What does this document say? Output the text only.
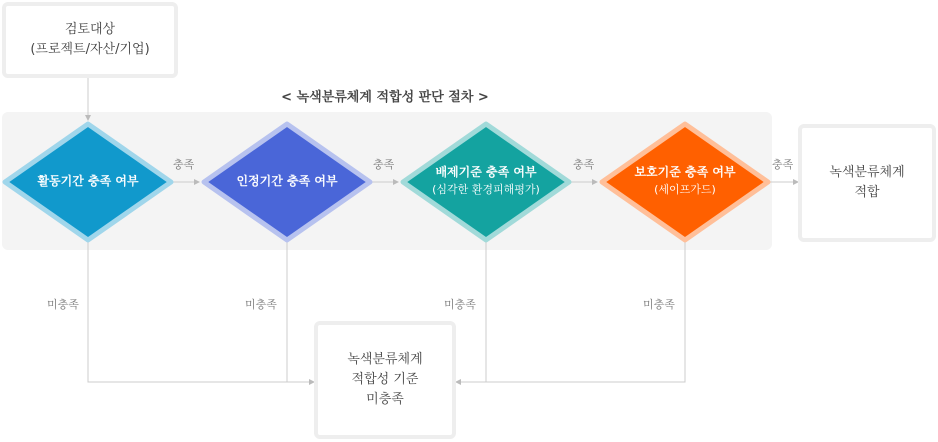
검토대상
(프로젝트/자산/기업)
< 녹색분류체계 적합성 판단 절차 >
활동기간 충족 여부	인정기간 충족 여부
배제기준 충족 여부
(심각한 환경피해평가)
보호기준 충족 여부
(세이프가드)
충족	충족	충족	충족
미충족	미충족	미충족	미충족
녹색분류체계
적합
녹색분류체계
적합성 기준
미충족
